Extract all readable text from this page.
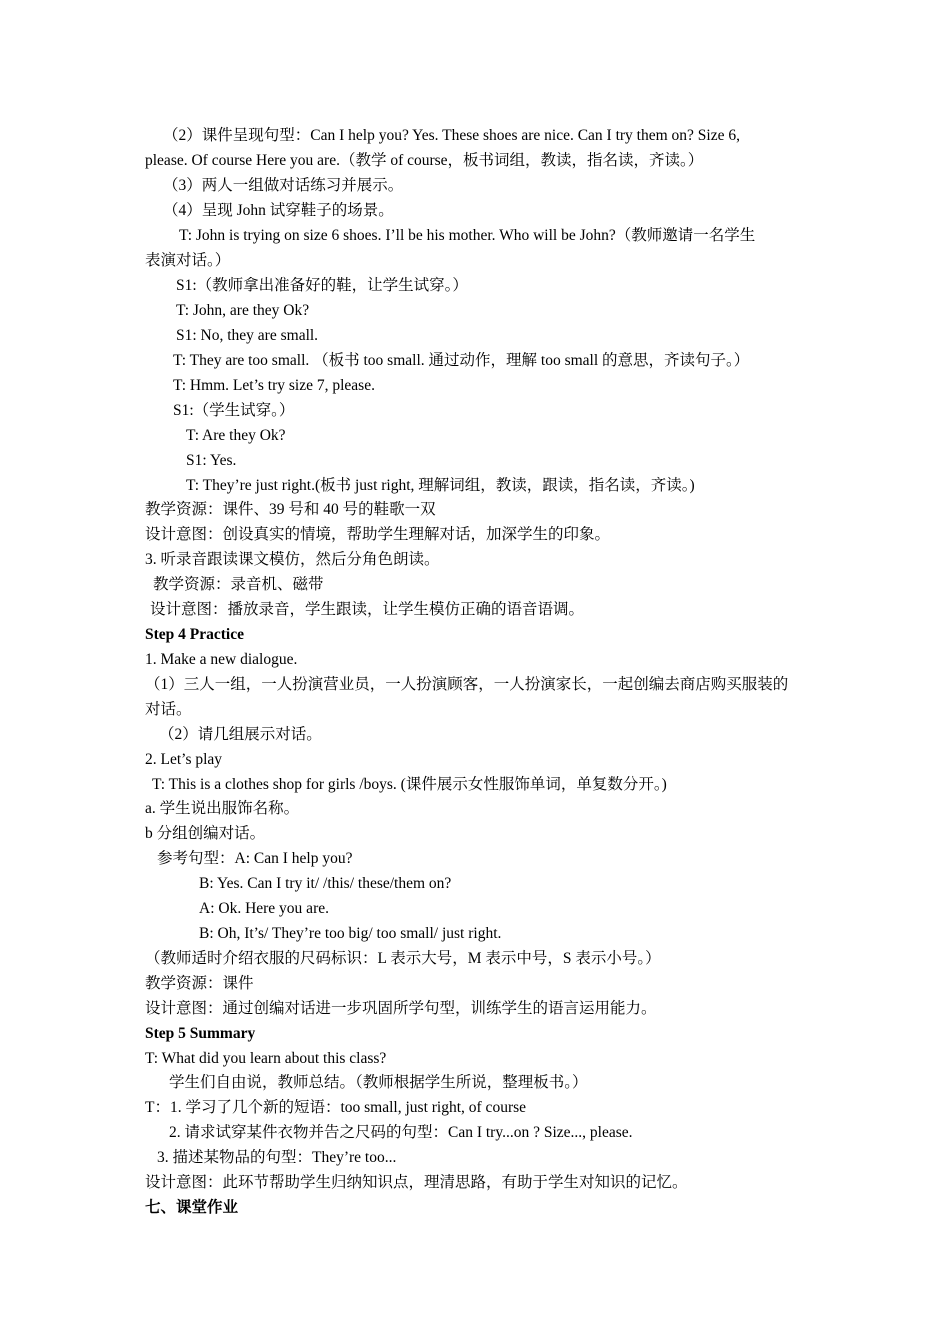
（2）课件呈现句型：Can I help you? Yes. These shoes are nice. Can I try them on? Size 6,
please. Of course Here you are.（教学 of course，板书词组，教读，指名读，齐读。）
（3）两人一组做对话练习并展示。
（4）呈现 John 试穿鞋子的场景。
T: John is trying on size 6 shoes. I’ll be his mother. Who will be John?（教师邀请一名学生
表演对话。）
S1:（教师拿出准备好的鞋，让学生试穿。）
T: John, are they Ok?
S1: No, they are small.
T: They are too small. （板书 too small. 通过动作，理解 too small 的意思，齐读句子。）
T: Hmm. Let’s try size 7, please.
S1:（学生试穿。）
T: Are they Ok?
S1: Yes.
T: They’re just right.(板书 just right, 理解词组，教读，跟读，指名读，齐读。)
教学资源：课件、39 号和 40 号的鞋歌一双
设计意图：创设真实的情境，帮助学生理解对话，加深学生的印象。
3. 听录音跟读课文模仿，然后分角色朗读。
教学资源：录音机、磁带
设计意图：播放录音，学生跟读，让学生模仿正确的语音语调。
Step 4 Practice
1. Make a new dialogue.
（1）三人一组，一人扮演营业员，一人扮演顾客，一人扮演家长，一起创编去商店购买服装的
对话。
（2）请几组展示对话。
2. Let’s play
T: This is a clothes shop for girls /boys. (课件展示女性服饰单词，单复数分开。)
a. 学生说出服饰名称。
b 分组创编对话。
参考句型：A: Can I help you?
B: Yes. Can I try it/ /this/ these/them on?
A: Ok. Here you are.
B: Oh, It’s/ They’re too big/ too small/ just right.
（教师适时介绍衣服的尺码标识：L 表示大号，M 表示中号，S 表示小号。）
教学资源：课件
设计意图：通过创编对话进一步巩固所学句型，训练学生的语言运用能力。
Step 5 Summary
T: What did you learn about this class?
学生们自由说，教师总结。（教师根据学生所说，整理板书。）
T：1. 学习了几个新的短语：too small, just right, of course
2. 请求试穿某件衣物并告之尺码的句型：Can I try...on ? Size..., please.
3. 描述某物品的句型：They’re too...
设计意图：此环节帮助学生归纳知识点，理清思路，有助于学生对知识的记忆。
七、课堂作业
